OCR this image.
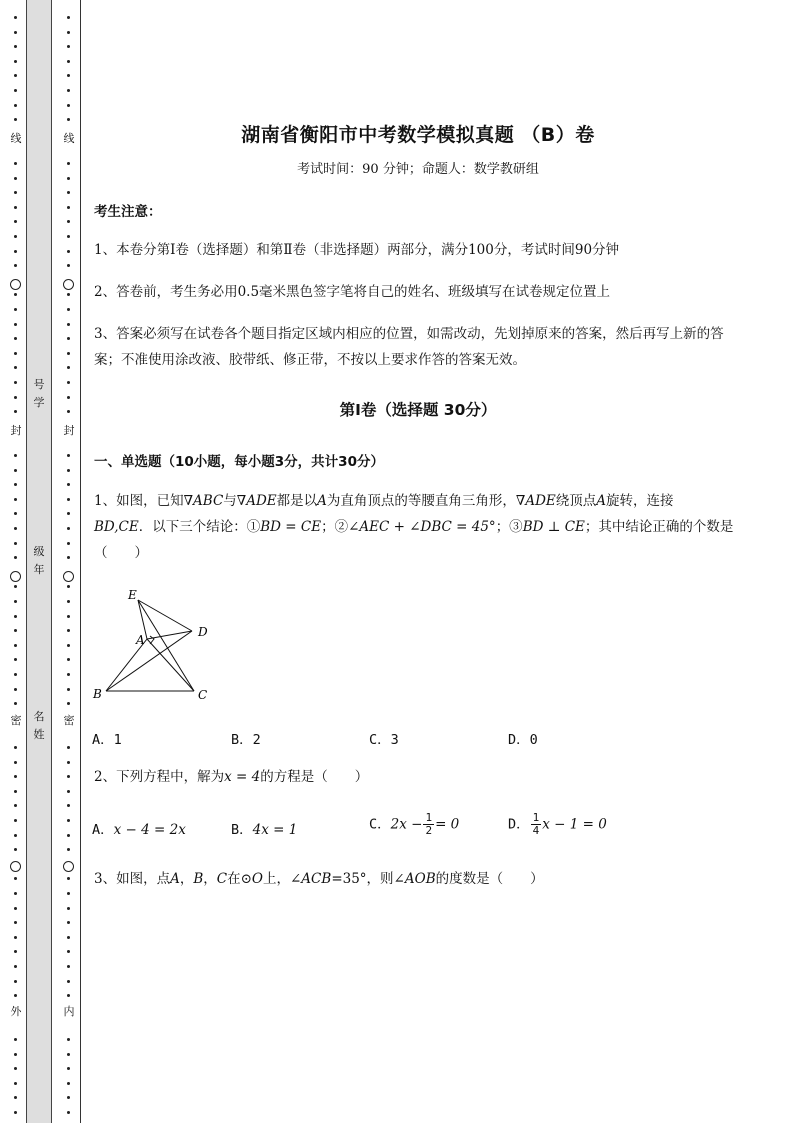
线
封
密
外
号
学
级
年
名
姓
线
封
密
内
湖南省衡阳市中考数学模拟真题 （B）卷
考试时间：90 分钟；命题人：数学教研组
考生注意：
1、本卷分第I卷（选择题）和第Ⅱ卷（非选择题）两部分，满分100分，考试时间90分钟
2、答卷前，考生务必用0.5毫米黑色签字笔将自己的姓名、班级填写在试卷规定位置上
3、答案必须写在试卷各个题目指定区域内相应的位置，如需改动，先划掉原来的答案，然后再写上新的答案；不准使用涂改液、胶带纸、修正带，不按以上要求作答的答案无效。
第I卷（选择题 30分）
一、单选题（10小题，每小题3分，共计30分）
1、如图，已知∇ABC与∇ADE都是以A为直角顶点的等腰直角三角形，∇ADE绕顶点A旋转，连接
BD,CE．以下三个结论：①BD = CE；②∠AEC + ∠DBC = 45°；③BD ⊥ CE；其中结论正确的个数是（　　）
E
A
D
B	C
A．1	B．2	C．3	D．0
2、下列方程中，解为x = 4的方程是（　　）
A．x − 4 = 2x	B．4x = 1	C．$2x - \frac{1}{2} = 0$	D． $\frac{1}{4}$ x − 1 = 0
3、如图，点A，B，C在⊙O上，∠ACB=35°，则∠AOB的度数是（　　）
